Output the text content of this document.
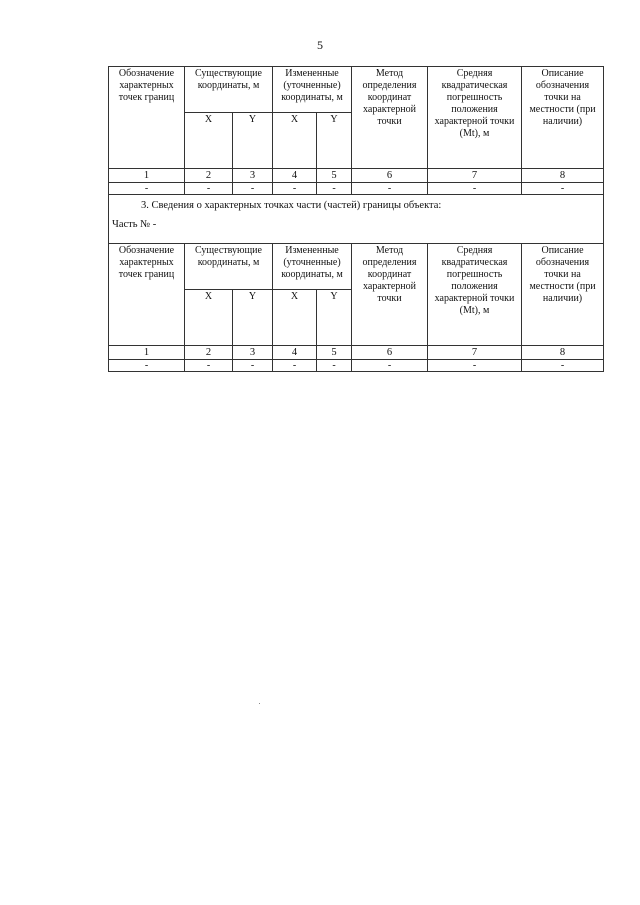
5
Обозначение характерных точек границ	Существующие координаты, м		Измененные (уточненные) координаты, м		Метод определения координат характерной точки	Средняя квадратическая погрешность положения характерной точки (Mt), м	Описание обозначения точки на местности (при наличии)
	X	Y	X	Y			
1	2	3	4	5	6	7	8
-	-	-	-	-	-	-	-
3. Сведения о характерных точках части (частей) границы объекта:							
Часть № -							
Обозначение характерных точек границ	Существующие координаты, м		Измененные (уточненные) координаты, м		Метод определения координат характерной точки	Средняя квадратическая погрешность положения характерной точки (Mt), м	Описание обозначения точки на местности (при наличии)
	X	Y	X	Y			
1	2	3	4	5	6	7	8
-	-	-	-	-	-	-	-
